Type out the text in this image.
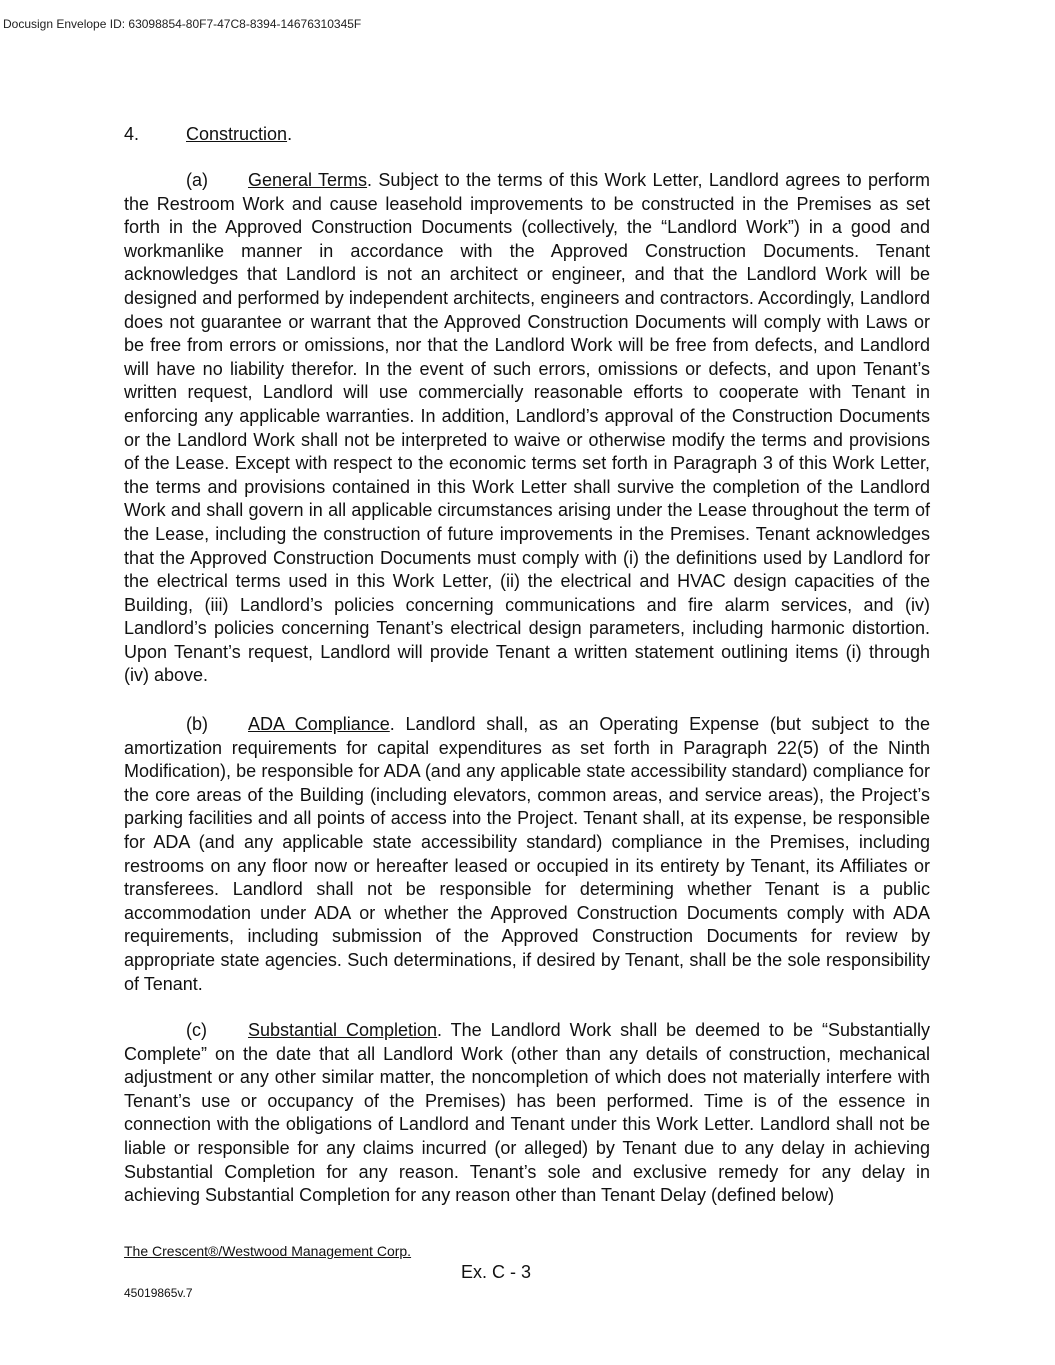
Docusign Envelope ID: 63098854-80F7-47C8-8394-14676310345F
4.	Construction.

(a) General Terms. Subject to the terms of this Work Letter, Landlord agrees to perform the Restroom Work and cause leasehold improvements to be constructed in the Premises as set forth in the Approved Construction Documents (collectively, the “Landlord Work”) in a good and workmanlike manner in accordance with the Approved Construction Documents. Tenant acknowledges that Landlord is not an architect or engineer, and that the Landlord Work will be designed and performed by independent architects, engineers and contractors. Accordingly, Landlord does not guarantee or warrant that the Approved Construction Documents will comply with Laws or be free from errors or omissions, nor that the Landlord Work will be free from defects, and Landlord will have no liability therefor. In the event of such errors, omissions or defects, and upon Tenant’s written request, Landlord will use commercially reasonable efforts to cooperate with Tenant in enforcing any applicable warranties. In addition, Landlord’s approval of the Construction Documents or the Landlord Work shall not be interpreted to waive or otherwise modify the terms and provisions of the Lease. Except with respect to the economic terms set forth in Paragraph 3 of this Work Letter, the terms and provisions contained in this Work Letter shall survive the completion of the Landlord Work and shall govern in all applicable circumstances arising under the Lease throughout the term of the Lease, including the construction of future improvements in the Premises. Tenant acknowledges that the Approved Construction Documents must comply with (i) the definitions used by Landlord for the electrical terms used in this Work Letter, (ii) the electrical and HVAC design capacities of the Building, (iii) Landlord’s policies concerning communications and fire alarm services, and (iv) Landlord’s policies concerning Tenant’s electrical design parameters, including harmonic distortion. Upon Tenant’s request, Landlord will provide Tenant a written statement outlining items (i) through (iv) above.

(b) ADA Compliance. Landlord shall, as an Operating Expense (but subject to the amortization requirements for capital expenditures as set forth in Paragraph 22(5) of the Ninth Modification), be responsible for ADA (and any applicable state accessibility standard) compliance for the core areas of the Building (including elevators, common areas, and service areas), the Project’s parking facilities and all points of access into the Project. Tenant shall, at its expense, be responsible for ADA (and any applicable state accessibility standard) compliance in the Premises, including restrooms on any floor now or hereafter leased or occupied in its entirety by Tenant, its Affiliates or transferees. Landlord shall not be responsible for determining whether Tenant is a public accommodation under ADA or whether the Approved Construction Documents comply with ADA requirements, including submission of the Approved Construction Documents for review by appropriate state agencies. Such determinations, if desired by Tenant, shall be the sole responsibility of Tenant.

(c) Substantial Completion. The Landlord Work shall be deemed to be “Substantially Complete” on the date that all Landlord Work (other than any details of construction, mechanical adjustment or any other similar matter, the noncompletion of which does not materially interfere with Tenant’s use or occupancy of the Premises) has been performed. Time is of the essence in connection with the obligations of Landlord and Tenant under this Work Letter. Landlord shall not be liable or responsible for any claims incurred (or alleged) by Tenant due to any delay in achieving Substantial Completion for any reason. Tenant’s sole and exclusive remedy for any delay in achieving Substantial Completion for any reason other than Tenant Delay (defined below)

The Crescent®/Westwood Management Corp.
Ex. C - 3
45019865v.7
